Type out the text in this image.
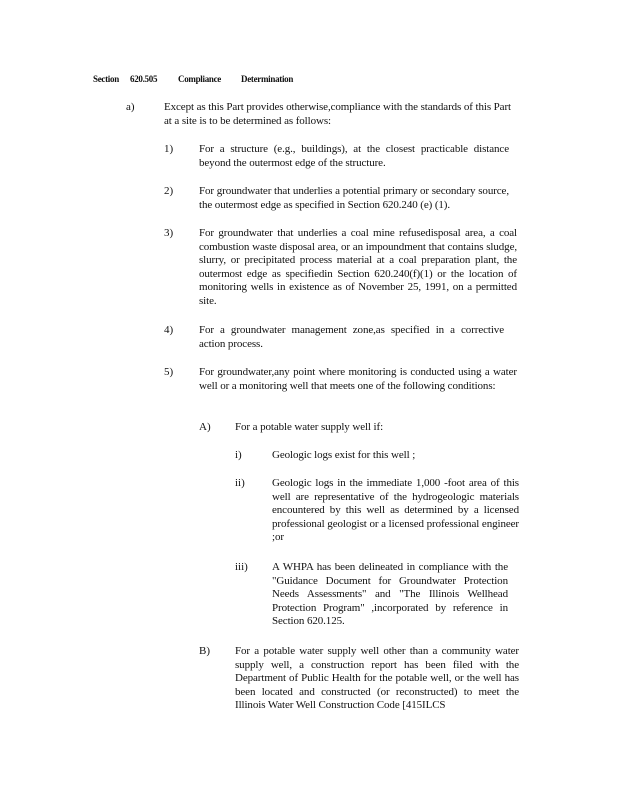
Section 620.505 Compliance Determination
a)	Except as this Part provides otherwise,compliance with the standards of this Part at a site is to be determined as follows:
1) For a structure (e.g., buildings), at the closest practicable distance beyond the outermost edge of the structure.
2) For groundwater that underlies a potential primary or secondary source, the outermost edge as specified in Section 620.240 (e) (1).
3) For groundwater that underlies a coal mine refusedisposal area, a coal combustion waste disposal area, or an impoundment that contains sludge, slurry, or precipitated process material at a coal preparation plant, the outermost edge as specifiedin Section 620.240(f)(1) or the location of monitoring wells in existence as of November 25, 1991, on a permitted site.
4) For a groundwater management zone,as specified in a corrective action process.
5) For groundwater,any point where monitoring is conducted using a water well or a monitoring well that meets one of the following conditions:
A) For a potable water supply well if:
i)	Geologic logs exist for this well ;
ii) Geologic logs in the immediate 1,000 -foot area of this well are representative of the hydrogeologic materials encountered by this well as determined by a licensed professional geologist or a licensed professional engineer ;or
iii) A WHPA has been delineated in compliance with the "Guidance Document for Groundwater Protection Needs Assessments" and "The Illinois Wellhead Protection Program" ,incorporated by reference in Section 620.125.
B) For a potable water supply well other than a community water supply well, a construction report has been filed with the Department of Public Health for the potable well, or the well has been located and constructed (or reconstructed) to meet the Illinois Water Well Construction Code [415ILCS
